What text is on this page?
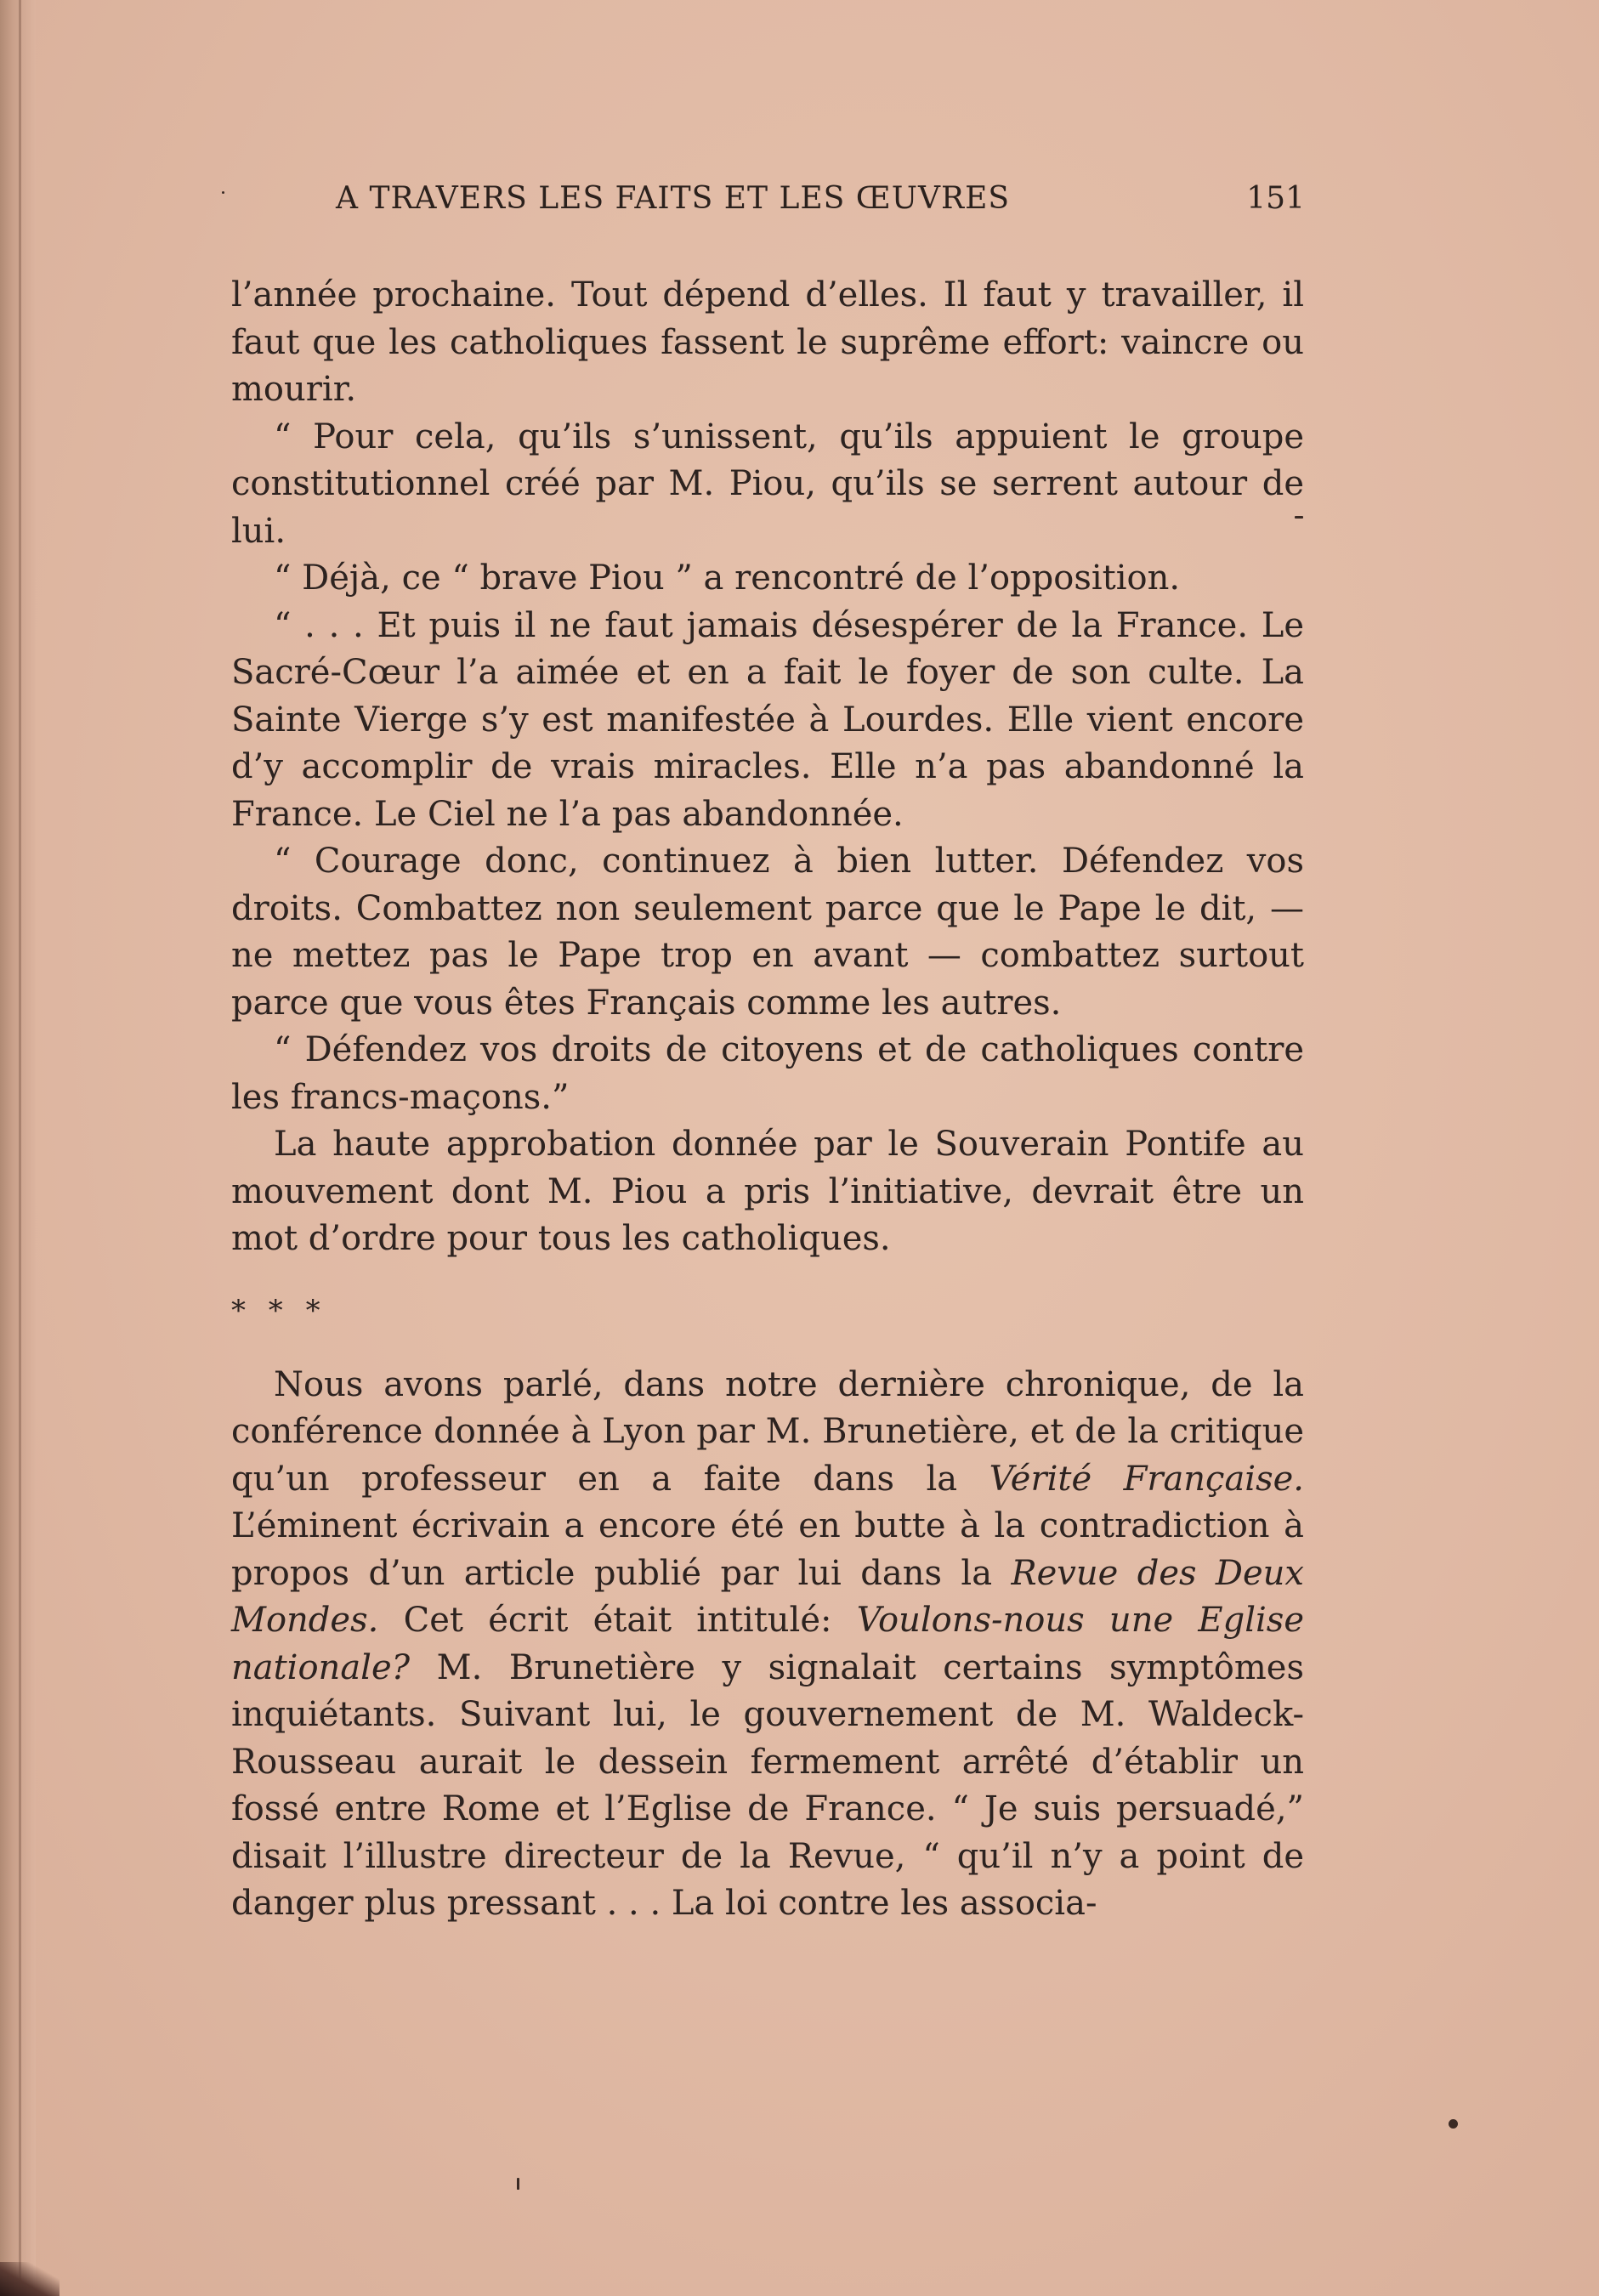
A TRAVERS LES FAITS ET LES ŒUVRES	151

l’année prochaine. Tout dépend d’elles. Il faut y travailler, il faut que les catholiques fassent le suprême effort: vaincre ou mourir.

“ Pour cela, qu’ils s’unissent, qu’ils appuient le groupe constitutionnel créé par M. Piou, qu’ils se serrent autour de lui.

“ Déjà, ce “ brave Piou ” a rencontré de l’opposition.

“ . . . Et puis il ne faut jamais désespérer de la France. Le Sacré-Cœur l’a aimée et en a fait le foyer de son culte. La Sainte Vierge s’y est manifestée à Lourdes. Elle vient encore d’y accomplir de vrais miracles. Elle n’a pas abandonné la France. Le Ciel ne l’a pas abandonnée.

“ Courage donc, continuez à bien lutter. Défendez vos droits. Combattez non seulement parce que le Pape le dit, — ne mettez pas le Pape trop en avant — combattez surtout parce que vous êtes Français comme les autres.

“ Défendez vos droits de citoyens et de catholiques contre les francs-maçons.”

La haute approbation donnée par le Souverain Pontife au mouvement dont M. Piou a pris l’initiative, devrait être un mot d’ordre pour tous les catholiques.

* * *

Nous avons parlé, dans notre dernière chronique, de la conférence donnée à Lyon par M. Brunetière, et de la critique qu’un professeur en a faite dans la Vérité Française. L’éminent écrivain a encore été en butte à la contradiction à propos d’un article publié par lui dans la Revue des Deux Mondes. Cet écrit était intitulé: Voulons-nous une Eglise nationale? M. Brunetière y signalait certains symptômes inquiétants. Suivant lui, le gouvernement de M. Waldeck-Rousseau aurait le dessein fermement arrêté d’établir un fossé entre Rome et l’Eglise de France. “ Je suis persuadé,” disait l’illustre directeur de la Revue, “ qu’il n’y a point de danger plus pressant . . . La loi contre les associa-
